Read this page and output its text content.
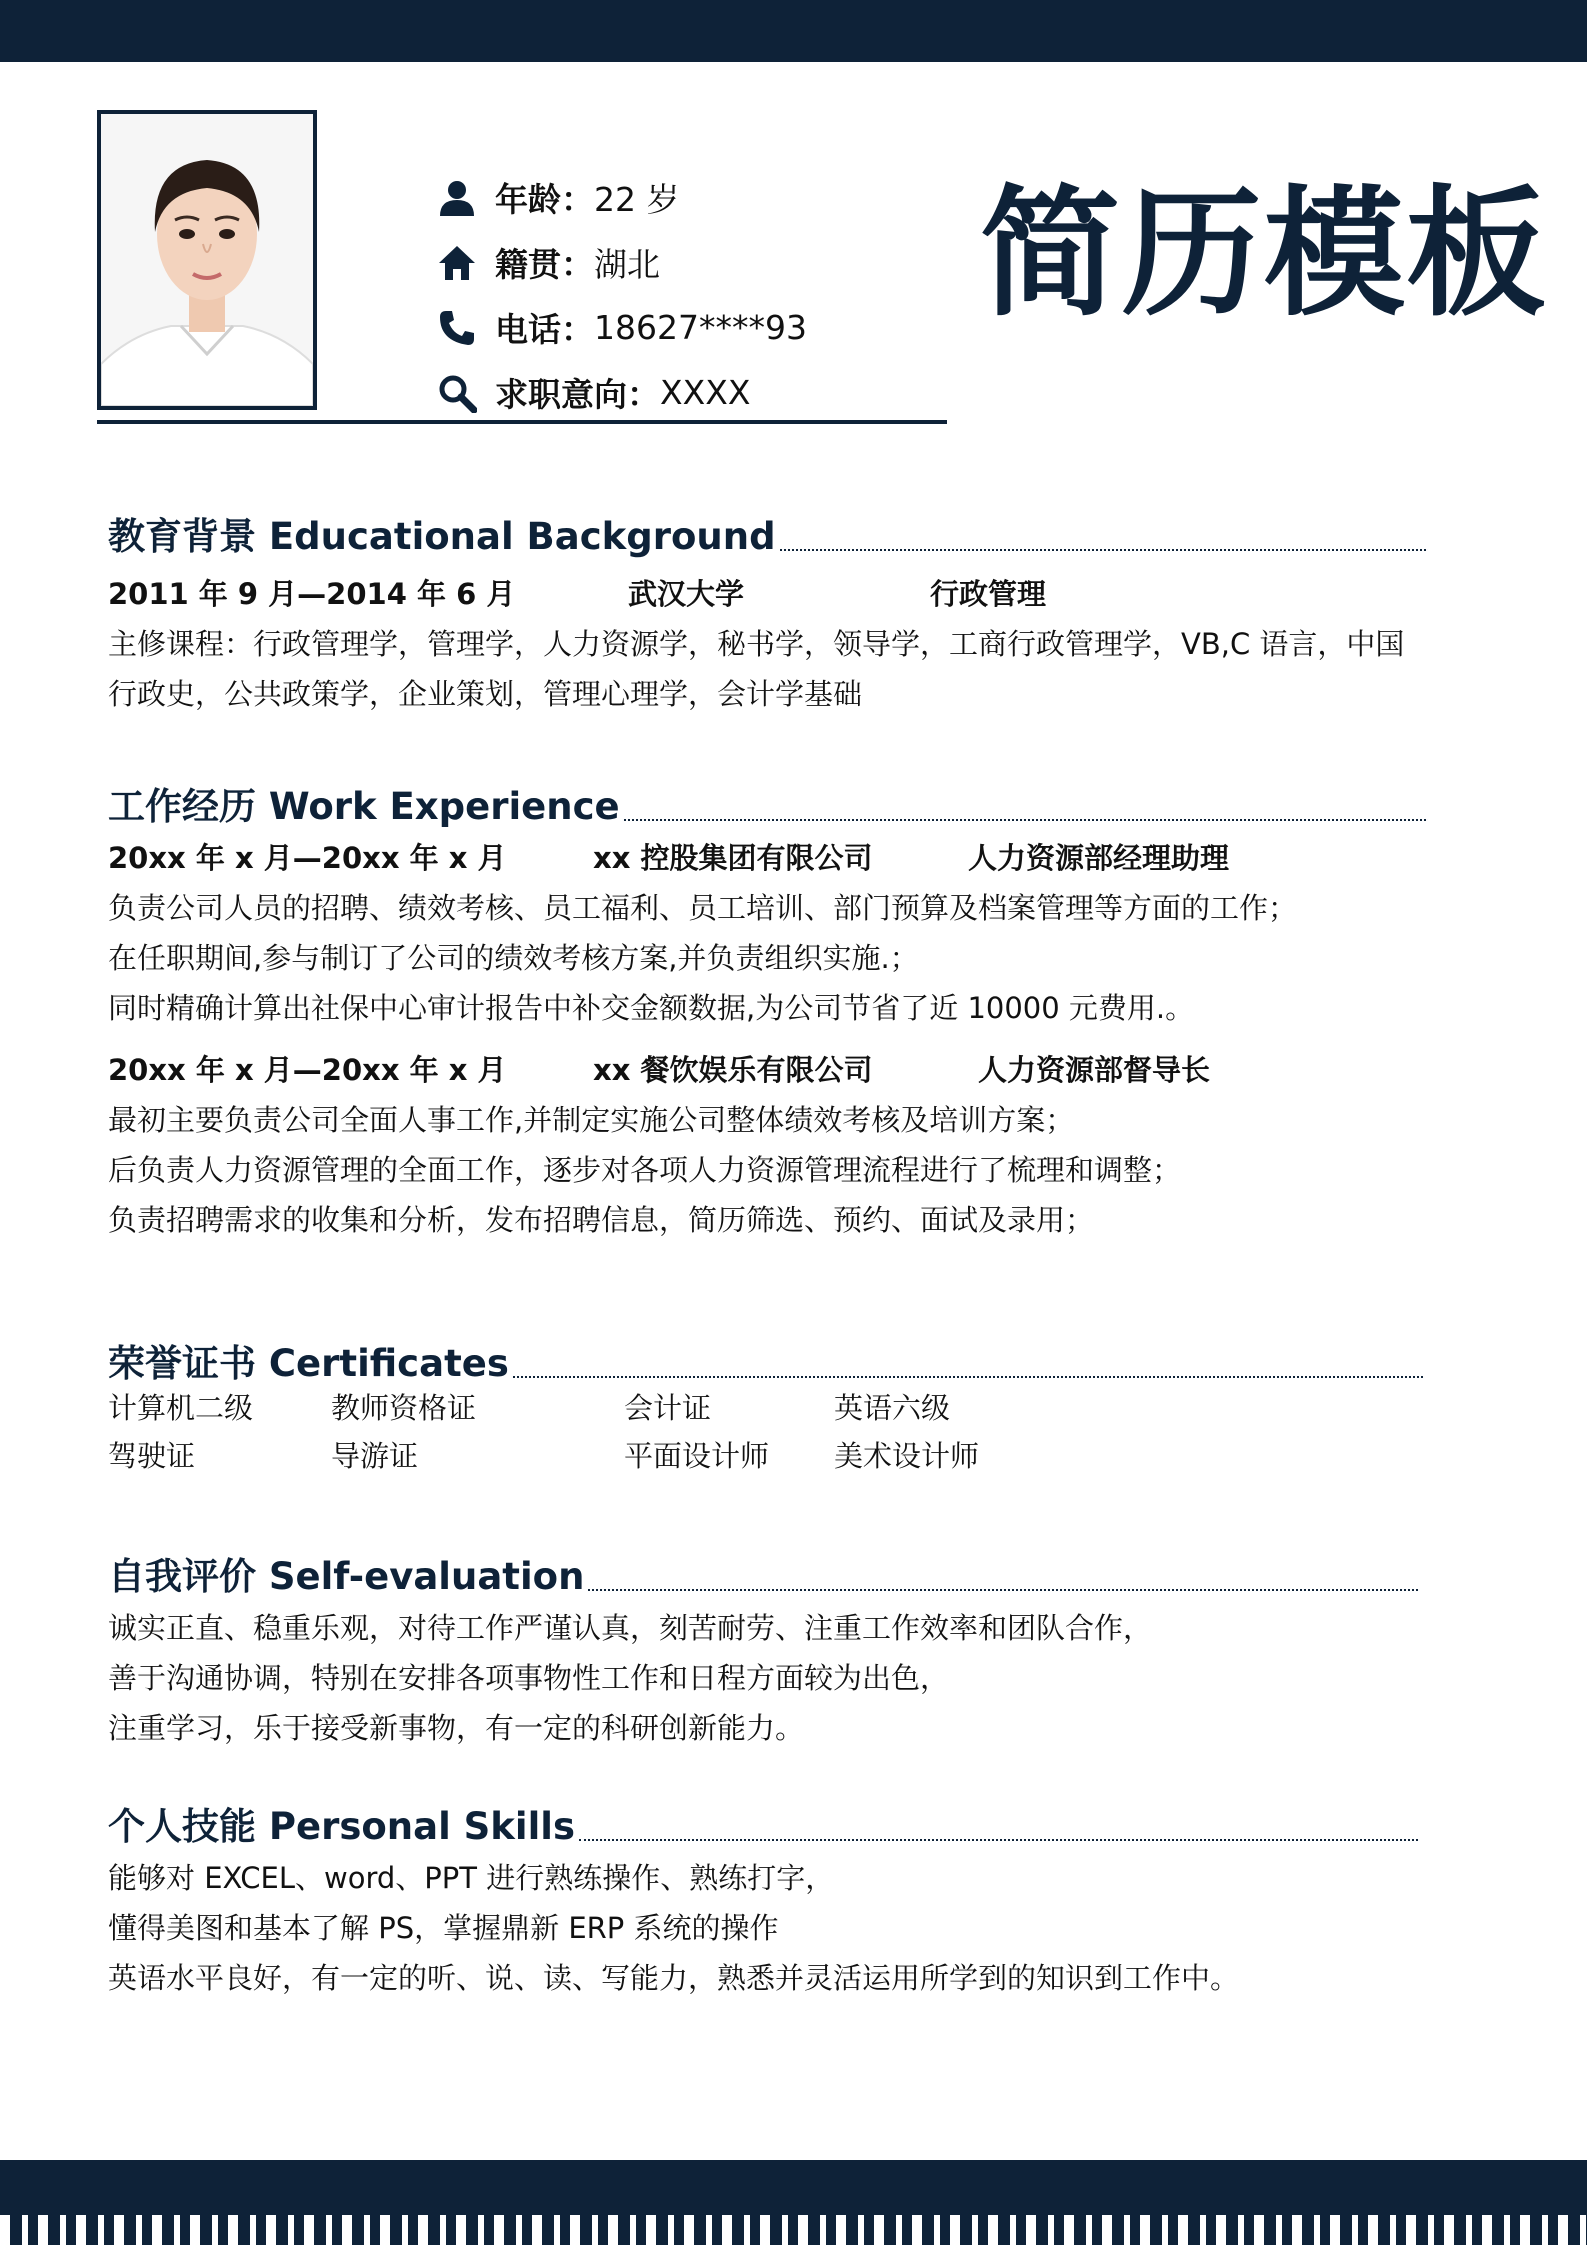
年龄： 22 岁
籍贯： 湖北
电话： 18627****93
求职意向： XXXX
简历模板
教育背景 Educational Background
2011 年 9 月—2014 年 6 月	武汉大学	行政管理
主修课程：行政管理学，管理学，人力资源学，秘书学，领导学，工商行政管理学，VB,C 语言，中国
行政史，公共政策学，企业策划，管理心理学，会计学基础
工作经历 Work Experience
20xx 年 x 月—20xx 年 x 月	xx 控股集团有限公司	人力资源部经理助理
负责公司人员的招聘、绩效考核、员工福利、员工培训、部门预算及档案管理等方面的工作；
在任职期间,参与制订了公司的绩效考核方案,并负责组织实施.；
同时精确计算出社保中心审计报告中补交金额数据,为公司节省了近 10000 元费用.。
20xx 年 x 月—20xx 年 x 月	xx 餐饮娱乐有限公司	人力资源部督导长
最初主要负责公司全面人事工作,并制定实施公司整体绩效考核及培训方案；
后负责人力资源管理的全面工作，逐步对各项人力资源管理流程进行了梳理和调整；
负责招聘需求的收集和分析，发布招聘信息，简历筛选、预约、面试及录用；
荣誉证书 Certificates
计算机二级	教师资格证	会计证	英语六级
驾驶证	导游证	平面设计师	美术设计师
自我评价 Self-evaluation
诚实正直、稳重乐观，对待工作严谨认真，刻苦耐劳、注重工作效率和团队合作，
善于沟通协调，特别在安排各项事物性工作和日程方面较为出色，
注重学习，乐于接受新事物，有一定的科研创新能力。
个人技能 Personal Skills
能够对 EXCEL、word、PPT 进行熟练操作、熟练打字，
懂得美图和基本了解 PS，掌握鼎新 ERP 系统的操作
英语水平良好，有一定的听、说、读、写能力，熟悉并灵活运用所学到的知识到工作中。
